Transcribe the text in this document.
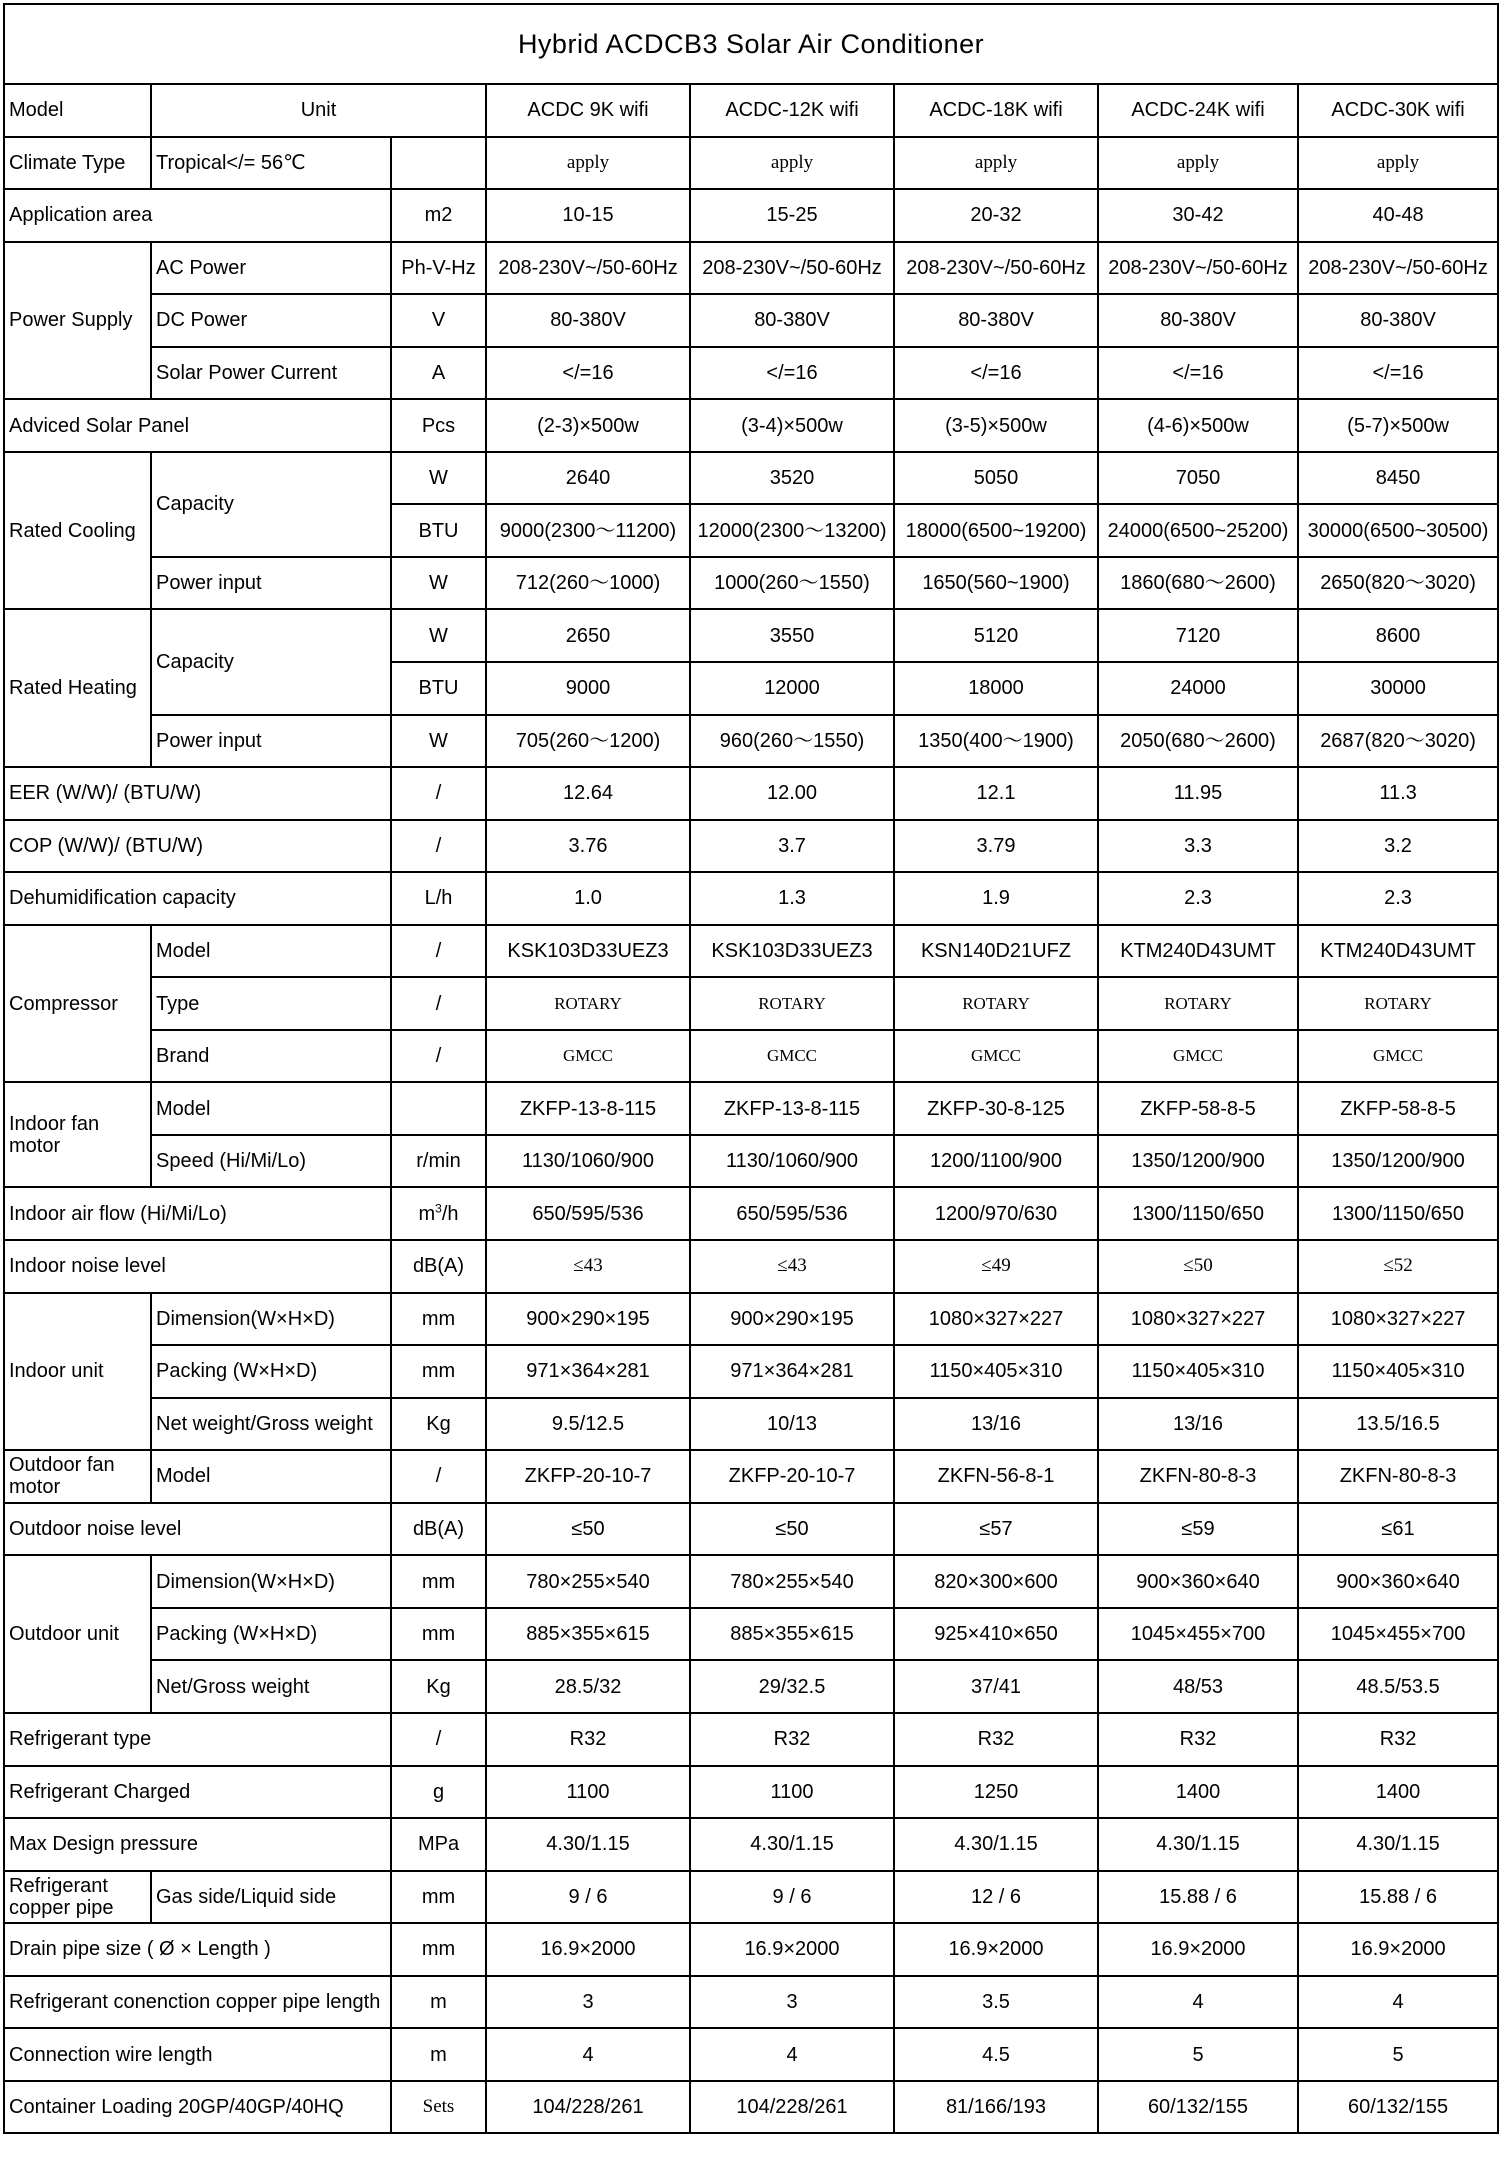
Hybrid ACDCB3 Solar Air Conditioner							
Model	Unit		ACDC 9K wifi	ACDC-12K wifi	ACDC-18K wifi	ACDC-24K wifi	ACDC-30K wifi
Climate Type	Tropical</= 56℃		apply	apply	apply	apply	apply
Application area		m2	10-15	15-25	20-32	30-42	40-48
Power Supply	AC Power	Ph-V-Hz	208-230V~/50-60Hz	208-230V~/50-60Hz	208-230V~/50-60Hz	208-230V~/50-60Hz	208-230V~/50-60Hz
	DC Power	V	80-380V	80-380V	80-380V	80-380V	80-380V
	Solar Power Current	A	</=16	</=16	</=16	</=16	</=16
Adviced Solar Panel		Pcs	(2-3)×500w	(3-4)×500w	(3-5)×500w	(4-6)×500w	(5-7)×500w
Rated Cooling	Capacity	W	2640	3520	5050	7050	8450
		BTU	9000(2300～11200)	12000(2300～13200)	18000(6500~19200)	24000(6500~25200)	30000(6500~30500)
	Power input	W	712(260～1000)	1000(260～1550)	1650(560~1900)	1860(680～2600)	2650(820～3020)
Rated Heating	Capacity	W	2650	3550	5120	7120	8600
		BTU	9000	12000	18000	24000	30000
	Power input	W	705(260～1200)	960(260～1550)	1350(400～1900)	2050(680～2600)	2687(820～3020)
EER (W/W)/ (BTU/W)		/	12.64	12.00	12.1	11.95	11.3
COP (W/W)/ (BTU/W)		/	3.76	3.7	3.79	3.3	3.2
Dehumidification capacity		L/h	1.0	1.3	1.9	2.3	2.3
Compressor	Model	/	KSK103D33UEZ3	KSK103D33UEZ3	KSN140D21UFZ	KTM240D43UMT	KTM240D43UMT
	Type	/	ROTARY	ROTARY	ROTARY	ROTARY	ROTARY
	Brand	/	GMCC	GMCC	GMCC	GMCC	GMCC
Indoor fan motor	Model		ZKFP-13-8-115	ZKFP-13-8-115	ZKFP-30-8-125	ZKFP-58-8-5	ZKFP-58-8-5
	Speed (Hi/Mi/Lo)	r/min	1130/1060/900	1130/1060/900	1200/1100/900	1350/1200/900	1350/1200/900
Indoor air flow (Hi/Mi/Lo)		$m^3/h$	650/595/536	650/595/536	1200/970/630	1300/1150/650	1300/1150/650
Indoor noise level		dB(A)	≤43	≤43	≤49	≤50	≤52
Indoor unit	Dimension(W×H×D)	mm	900×290×195	900×290×195	1080×327×227	1080×327×227	1080×327×227
	Packing (W×H×D)	mm	971×364×281	971×364×281	1150×405×310	1150×405×310	1150×405×310
	Net weight/Gross weight	Kg	9.5/12.5	10/13	13/16	13/16	13.5/16.5
Outdoor fan motor	Model	/	ZKFP-20-10-7	ZKFP-20-10-7	ZKFN-56-8-1	ZKFN-80-8-3	ZKFN-80-8-3
Outdoor noise level		dB(A)	≤50	≤50	≤57	≤59	≤61
Outdoor unit	Dimension(W×H×D)	mm	780×255×540	780×255×540	820×300×600	900×360×640	900×360×640
	Packing (W×H×D)	mm	885×355×615	885×355×615	925×410×650	1045×455×700	1045×455×700
	Net/Gross weight	Kg	28.5/32	29/32.5	37/41	48/53	48.5/53.5
Refrigerant type		/	R32	R32	R32	R32	R32
Refrigerant Charged		g	1100	1100	1250	1400	1400
Max Design pressure		MPa	4.30/1.15	4.30/1.15	4.30/1.15	4.30/1.15	4.30/1.15
Refrigerant copper pipe	Gas side/Liquid side	mm	9 / 6	9 / 6	12 / 6	15.88 / 6	15.88 / 6
Drain pipe size ( Ø × Length )		mm	16.9×2000	16.9×2000	16.9×2000	16.9×2000	16.9×2000
Refrigerant conenction copper pipe length		m	3	3	3.5	4	4
Connection wire length		m	4	4	4.5	5	5
Container Loading 20GP/40GP/40HQ		Sets	104/228/261	104/228/261	81/166/193	60/132/155	60/132/155
